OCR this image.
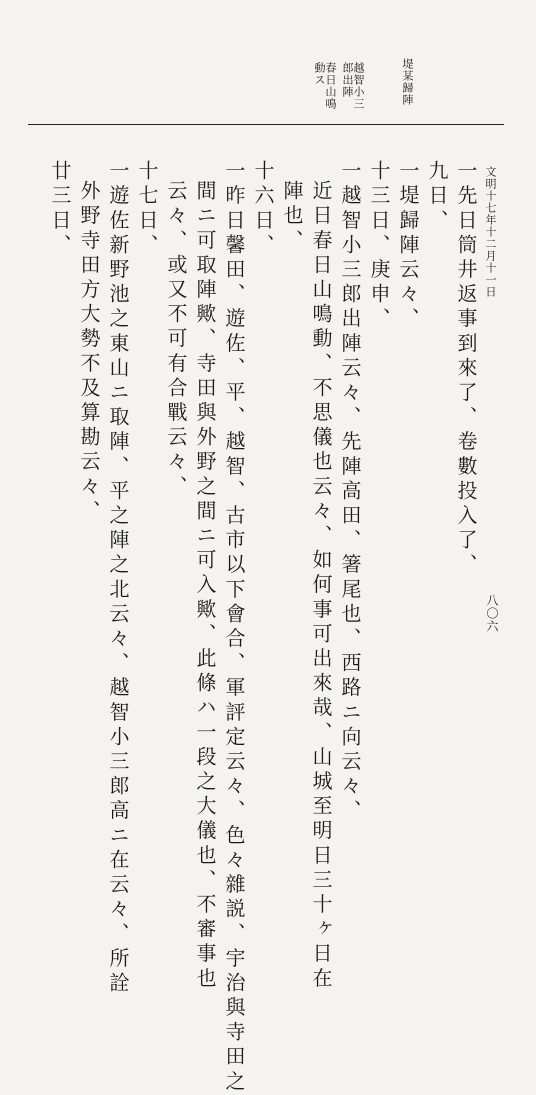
堤某歸陣
越智小三郎出陣
春日山鳴動ス
文明十七年十二月十一日
八〇六
一先日筒井返事到來了、卷數投入了、
九日、
一堤歸陣云々、
十三日、庚申、
一越智小三郎出陣云々、先陣高田、箸尾也、西路ニ向云々、
近日春日山鳴動、不思儀也云々、如何事可出來哉、山城至明日三十ヶ日在
陣也、
十六日、
一昨日馨田、遊佐、平、越智、古市以下會合、軍評定云々、色々雜説、宇治與寺田之
間ニ可取陣歟、寺田與外野之間ニ可入歟、此條ハ一段之大儀也、不審事也
云々、或又不可有合戰云々、
十七日、
一遊佐新野池之東山ニ取陣、平之陣之北云々、越智小三郎高ニ在云々、所詮
外野寺田方大勢不及算勘云々、
廿三日、
